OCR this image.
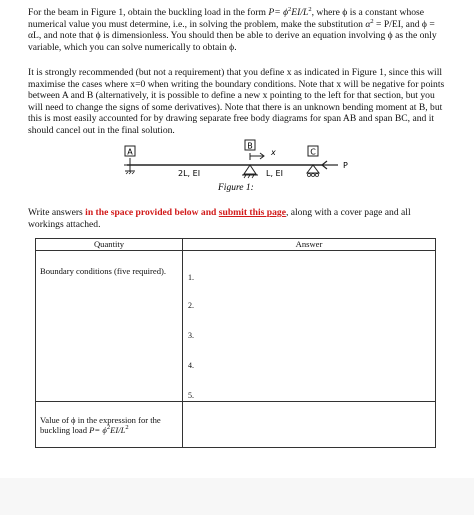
For the beam in Figure 1, obtain the buckling load in the form $P= \phi^2EI/L^2$, where ϕ is a constant whose numerical value you must determine, i.e., in solving the problem, make the substitution $\alpha^2 = P/EI$, and ϕ = αL, and note that ϕ is dimensionless. You should then be able to derive an equation involving ϕ as the only variable, which you can solve numerically to obtain ϕ.

It is strongly recommended (but not a requirement) that you define x as indicated in Figure 1, since this will maximise the cases where x=0 when writing the boundary conditions. Note that x will be negative for points between A and B (alternatively, it is possible to define a new x pointing to the left for that section, but you will need to change the signs of some derivatives). Note that there is an unknown bending moment at B, but this is most easily accounted for by drawing separate free body diagrams for span AB and span BC, and it should cancel out in the final solution.

A
B
C
x
P
2L, EI	L, EI
Figure 1:

Write answers in the space provided below and submit this page, along with a cover page and all workings attached.

Quantity	Answer
Boundary conditions (five required).	1.
2.
3.
4.
5.

Value of ϕ in the expression for the buckling load $P= \phi^2EI/L^2$	
